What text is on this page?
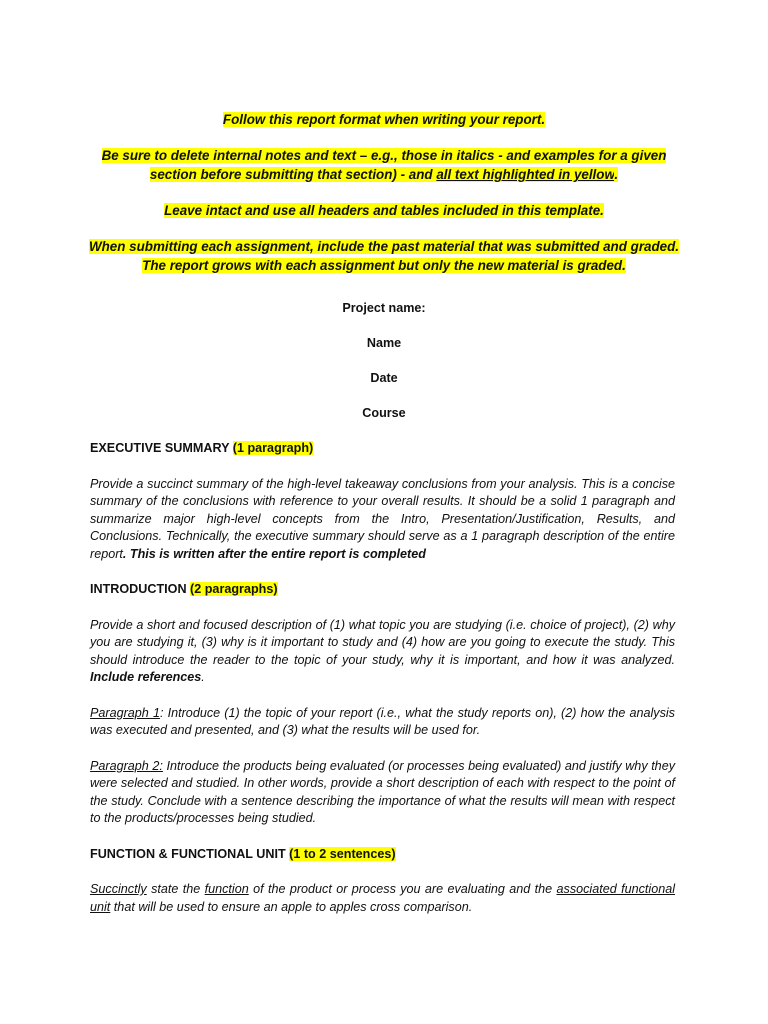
Follow this report format when writing your report.

Be sure to delete internal notes and text – e.g., those in italics - and examples for a given section before submitting that section) - and all text highlighted in yellow.

Leave intact and use all headers and tables included in this template.

When submitting each assignment, include the past material that was submitted and graded. The report grows with each assignment but only the new material is graded.

Project name:
Name
Date
Course

EXECUTIVE SUMMARY (1 paragraph)

Provide a succinct summary of the high-level takeaway conclusions from your analysis. This is a concise summary of the conclusions with reference to your overall results. It should be a solid 1 paragraph and summarize major high-level concepts from the Intro, Presentation/Justification, Results, and Conclusions. Technically, the executive summary should serve as a 1 paragraph description of the entire report. This is written after the entire report is completed

INTRODUCTION (2 paragraphs)

Provide a short and focused description of (1) what topic you are studying (i.e. choice of project), (2) why you are studying it, (3) why is it important to study and (4) how are you going to execute the study. This should introduce the reader to the topic of your study, why it is important, and how it was analyzed. Include references.

Paragraph 1: Introduce (1) the topic of your report (i.e., what the study reports on), (2) how the analysis was executed and presented, and (3) what the results will be used for.

Paragraph 2: Introduce the products being evaluated (or processes being evaluated) and justify why they were selected and studied. In other words, provide a short description of each with respect to the point of the study. Conclude with a sentence describing the importance of what the results will mean with respect to the products/processes being studied.

FUNCTION & FUNCTIONAL UNIT (1 to 2 sentences)

Succinctly state the function of the product or process you are evaluating and the associated functional unit that will be used to ensure an apple to apples cross comparison.
